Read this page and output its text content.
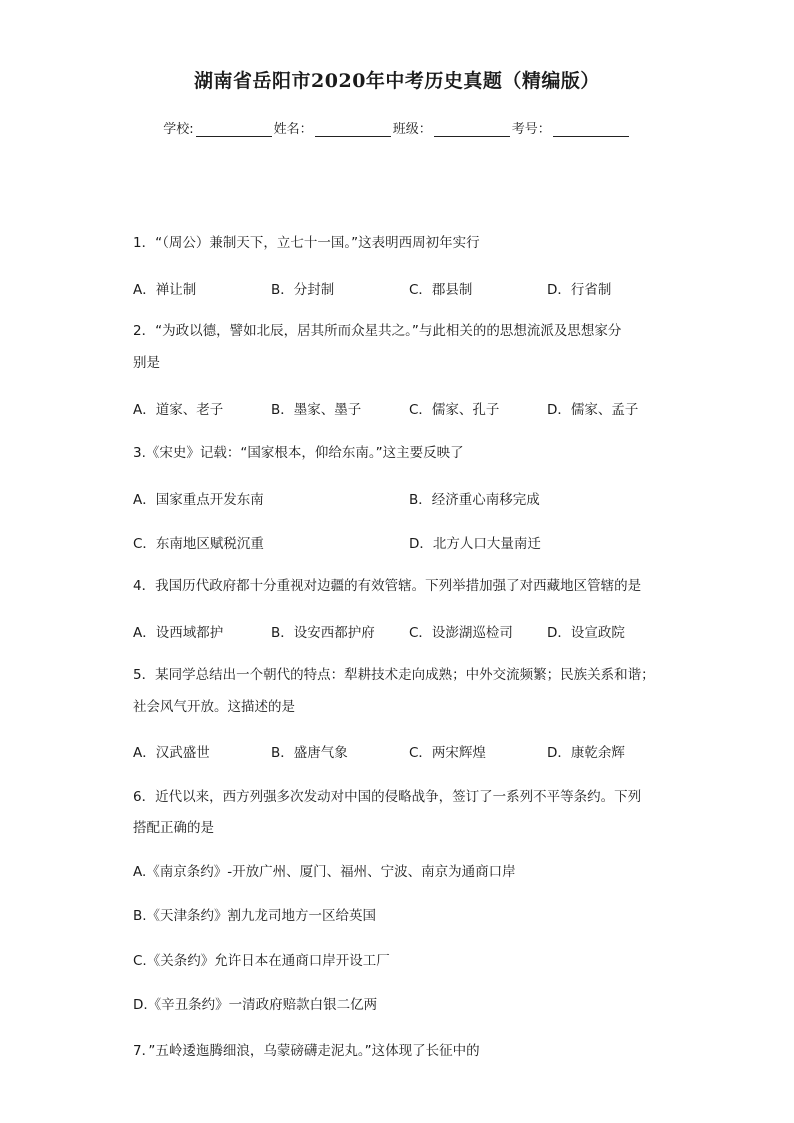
湖南省岳阳市2020年中考历史真题（精编版）
学校:	姓名：	班级：	考号：
1．“（周公）兼制天下，立七十一国。”这表明西周初年实行
A．禅让制	B．分封制	C．郡县制	D．行省制
2．“为政以德，譬如北辰，居其所而众星共之。”与此相关的的思想流派及思想家分
别是
A．道家、老子	B．墨家、墨子	C．儒家、孔子	D．儒家、孟子
3.《宋史》记载：“国家根本，仰给东南。”这主要反映了
A．国家重点开发东南	B．经济重心南移完成
C．东南地区赋税沉重	D．北方人口大量南迁
4．我国历代政府都十分重视对边疆的有效管辖。下列举措加强了对西藏地区管辖的是
A．设西域都护	B．设安西都护府	C．设澎湖巡检司	D．设宣政院
5．某同学总结出一个朝代的特点：犁耕技术走向成熟；中外交流频繁；民族关系和谐；
社会风气开放。这描述的是
A．汉武盛世	B．盛唐气象	C．两宋辉煌	D．康乾余辉
6．近代以来，西方列强多次发动对中国的侵略战争，签订了一系列不平等条约。下列
搭配正确的是
A.《南京条约》-开放广州、厦门、福州、宁波、南京为通商口岸
B.《天津条约》割九龙司地方一区给英国
C.《关条约》允许日本在通商口岸开设工厂
D.《辛丑条约》一清政府赔款白银二亿两
7．”五岭逶迤腾细浪，乌蒙磅礴走泥丸。”这体现了长征中的
